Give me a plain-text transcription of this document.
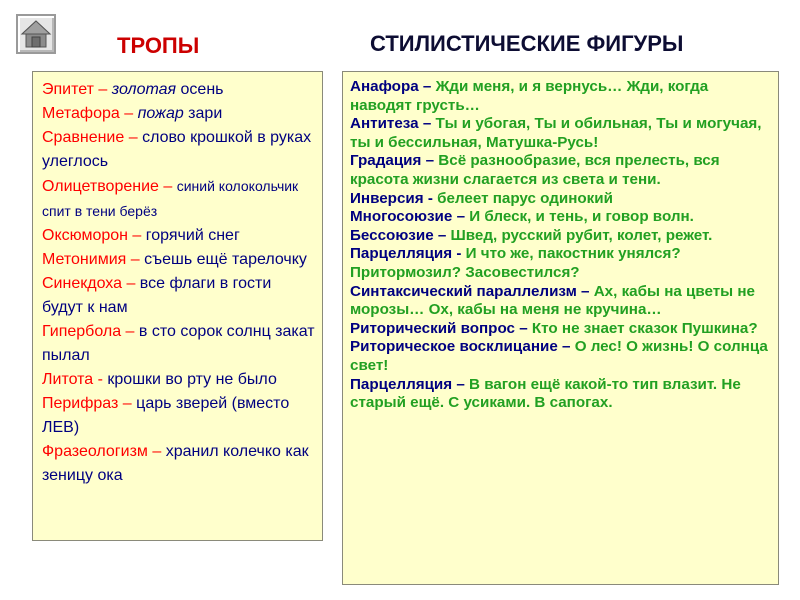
ТРОПЫ	СТИЛИСТИЧЕСКИЕ ФИГУРЫ
Эпитет – золотая осень
Метафора – пожар зари
Сравнение – слово крошкой в руках улеглось
Олицетворение – синий колокольчик спит в тени берёз
Оксюморон – горячий снег
Метонимия – съешь ещё тарелочку
Синекдоха – все флаги в гости будут к нам
Гипербола – в сто сорок солнц закат пылал
Литота - крошки во рту не было
Перифраз – царь зверей (вместо ЛЕВ)
Фразеологизм – хранил колечко как зеницу ока
Анафора – Жди меня, и я вернусь… Жди, когда наводят грусть…
Антитеза – Ты и убогая, Ты и обильная, Ты и могучая, ты и бессильная, Матушка-Русь!
Градация – Всё разнообразие, вся прелесть, вся красота жизни слагается из света и тени.
Инверсия - белеет парус одинокий
Многосоюзие – И блеск, и тень, и говор волн.
Бессоюзие – Швед, русский рубит, колет, режет.
Парцелляция - И что же, пакостник унялся? Притормозил? Засовестился?
Синтаксический параллелизм – Ах, кабы на цветы не морозы… Ох, кабы на меня не кручина…
Риторический вопрос – Кто не знает сказок Пушкина?
Риторическое восклицание – О лес! О жизнь! О солнца свет!
Парцелляция – В вагон ещё какой-то тип влазит. Не старый ещё. С усиками. В сапогах.
